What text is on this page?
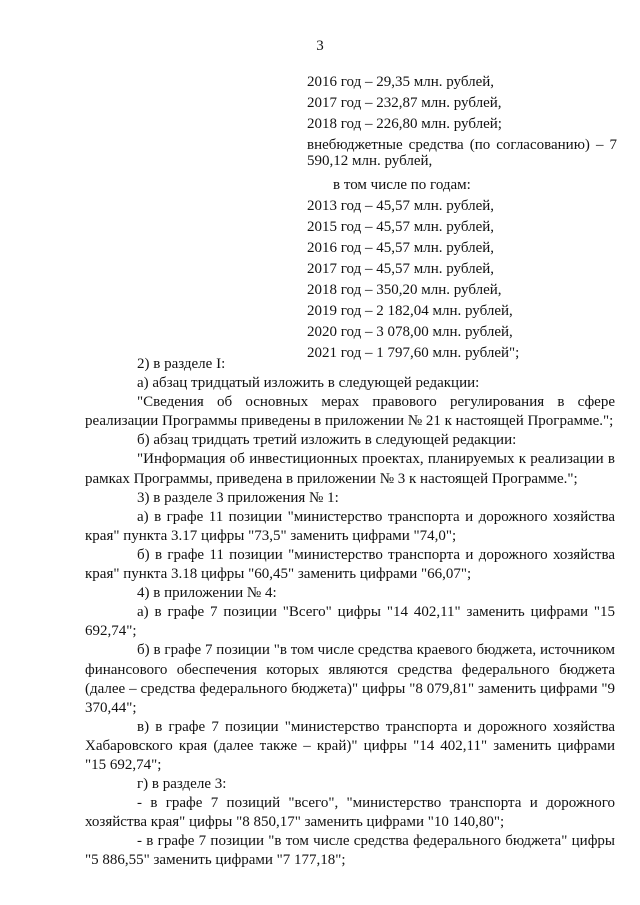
3
2016 год – 29,35 млн. рублей,
2017 год – 232,87 млн. рублей,
2018 год – 226,80 млн. рублей;
внебюджетные средства (по согласованию) – 7 590,12 млн. рублей,
в том числе по годам:
2013 год – 45,57 млн. рублей,
2015 год – 45,57 млн. рублей,
2016 год – 45,57 млн. рублей,
2017 год – 45,57 млн. рублей,
2018 год – 350,20 млн. рублей,
2019 год – 2 182,04 млн. рублей,
2020 год – 3 078,00 млн. рублей,
2021 год – 1 797,60 млн. рублей";

2) в разделе I:

а) абзац тридцатый изложить в следующей редакции:

"Сведения об основных мерах правового регулирования в сфере реализации Программы приведены в приложении № 21 к настоящей Программе.";

б) абзац тридцать третий изложить в следующей редакции:

"Информация об инвестиционных проектах, планируемых к реализации в рамках Программы, приведена в приложении № 3 к настоящей Программе.";

3) в разделе 3 приложения № 1:

а) в графе 11 позиции "министерство транспорта и дорожного хозяйства края" пункта 3.17 цифры "73,5" заменить цифрами "74,0";

б) в графе 11 позиции "министерство транспорта и дорожного хозяйства края" пункта 3.18 цифры "60,45" заменить цифрами "66,07";

4) в приложении № 4:

а) в графе 7 позиции "Всего" цифры "14 402,11" заменить цифрами "15 692,74";

б) в графе 7 позиции "в том числе средства краевого бюджета, источником финансового обеспечения которых являются средства федерального бюджета (далее – средства федерального бюджета)" цифры "8 079,81" заменить цифрами "9 370,44";

в) в графе 7 позиции "министерство транспорта и дорожного хозяйства Хабаровского края (далее также – край)" цифры "14 402,11" заменить цифрами "15 692,74";

г) в разделе 3:

- в графе 7 позиций "всего", "министерство транспорта и дорожного хозяйства края" цифры "8 850,17" заменить цифрами "10 140,80";

- в графе 7 позиции "в том числе средства федерального бюджета" цифры "5 886,55" заменить цифрами "7 177,18";
